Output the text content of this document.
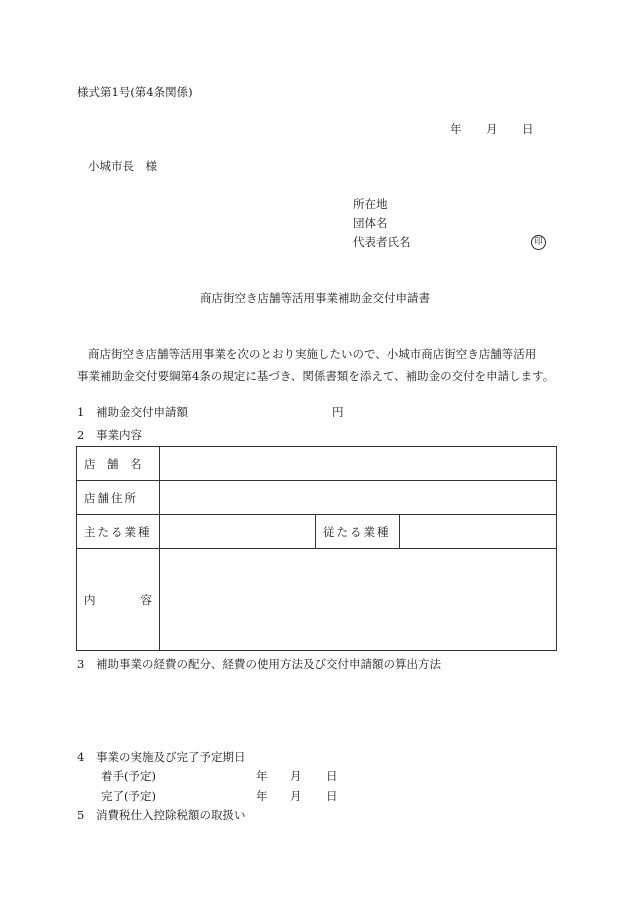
様式第1号(第4条関係)
年 月 日
小城市長　様
所在地
団体名
代表者氏名	印
商店街空き店舗等活用事業補助金交付申請書
商店街空き店舗等活用事業を次のとおり実施したいので、小城市商店街空き店舗等活用
事業補助金交付要綱第4条の規定に基づき、関係書類を添えて、補助金の交付を申請します。
1 補助金交付申請額	円
2 事業内容
店　舗　名			
店舗住所			
主たる業種		従たる業種	
内 容			

3 補助事業の経費の配分、経費の使用方法及び交付申請額の算出方法
4 事業の実施及び完了予定期日
着手(予定)	年 月 日
完了(予定)	年 月 日
5 消費税仕入控除税額の取扱い
